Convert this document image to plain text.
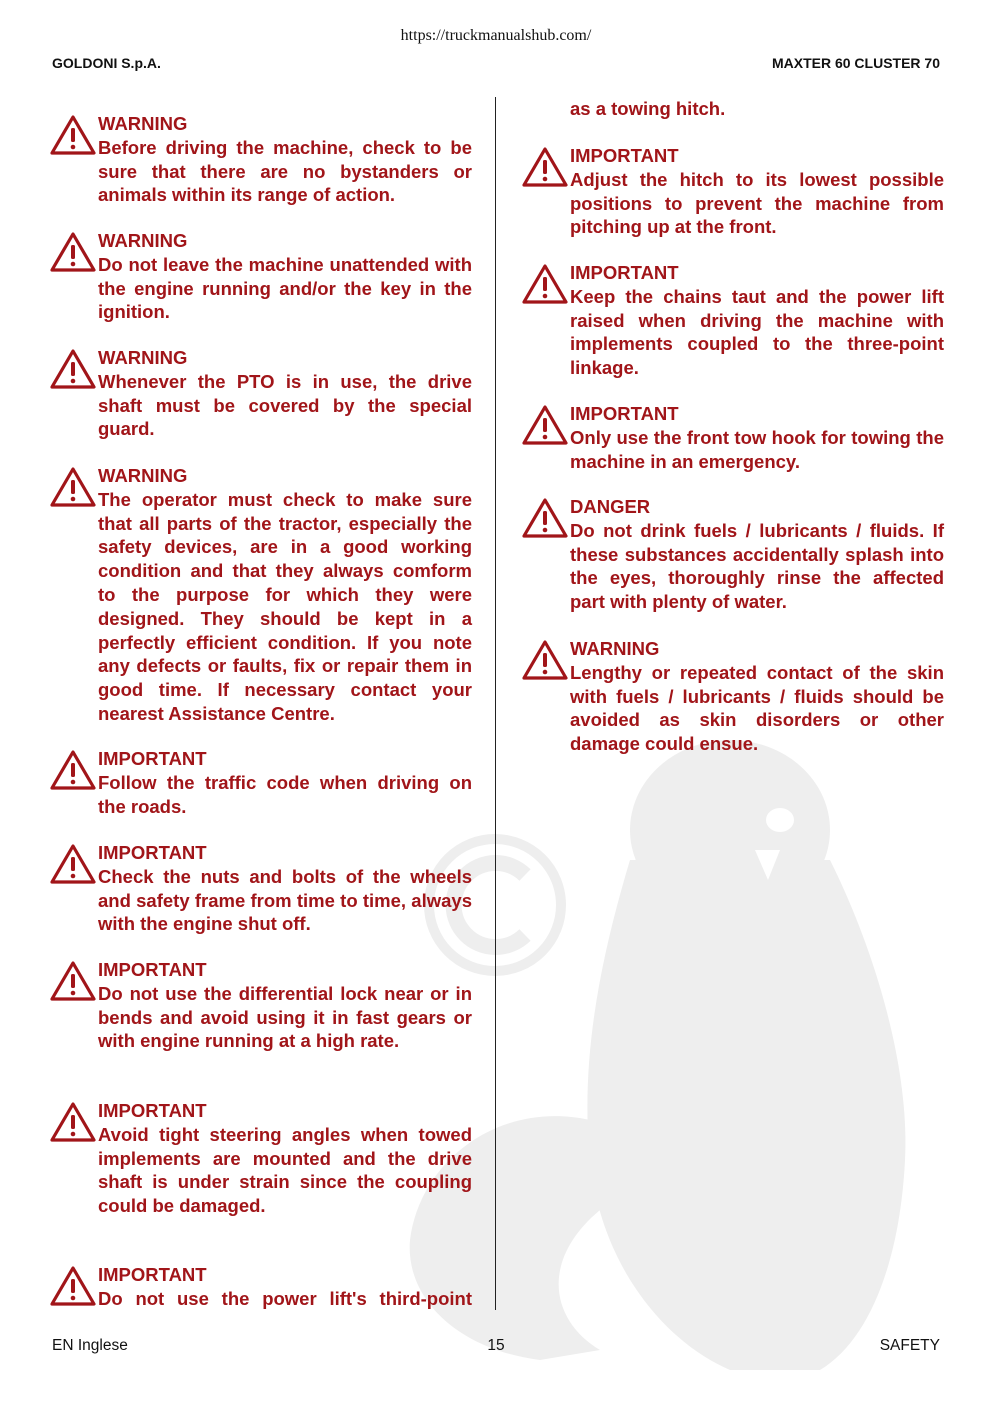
https://truckmanualshub.com/
GOLDONI S.p.A.	MAXTER 60 CLUSTER 70
WARNING
Before driving the machine, check to be sure that there are no bystanders or animals within its range of action.
WARNING
Do not leave the machine unattended with the engine running and/or the key in the ignition.
WARNING
Whenever the PTO is in use, the drive shaft must be covered by the special guard.
WARNING
The operator must check to make sure that all parts of the tractor, especially the safety devices, are in a good working condition and that they always comform to the purpose for which they were designed. They should be kept in a perfectly efficient condition. If you note any defects or faults, fix or repair them in good time. If necessary contact your nearest Assistance Centre.
IMPORTANT
Follow the traffic code when driving on the roads.
IMPORTANT
Check the nuts and bolts of the wheels and safety frame from time to time, always with the engine shut off.
IMPORTANT
Do not use the differential lock near or in bends and avoid using it in fast gears or with engine running at a high rate.
IMPORTANT
Avoid tight steering angles when towed implements are mounted and the drive shaft is under strain since the coupling could be damaged.
IMPORTANT
Do not use the power lift's third-point
as a towing hitch.
IMPORTANT
Adjust the hitch to its lowest possible positions to prevent the machine from pitching up at the front.
IMPORTANT
Keep the chains taut and the power lift raised when driving the machine with implements coupled to the three-point linkage.
IMPORTANT
Only use the front tow hook for towing the machine in an emergency.
DANGER
Do not drink fuels / lubricants / fluids. If these substances accidentally splash into the eyes, thoroughly rinse the affected part with plenty of water.
WARNING
Lengthy or repeated contact of the skin with fuels / lubricants / fluids should be avoided as skin disorders or other damage could ensue.
EN Inglese	15	SAFETY
